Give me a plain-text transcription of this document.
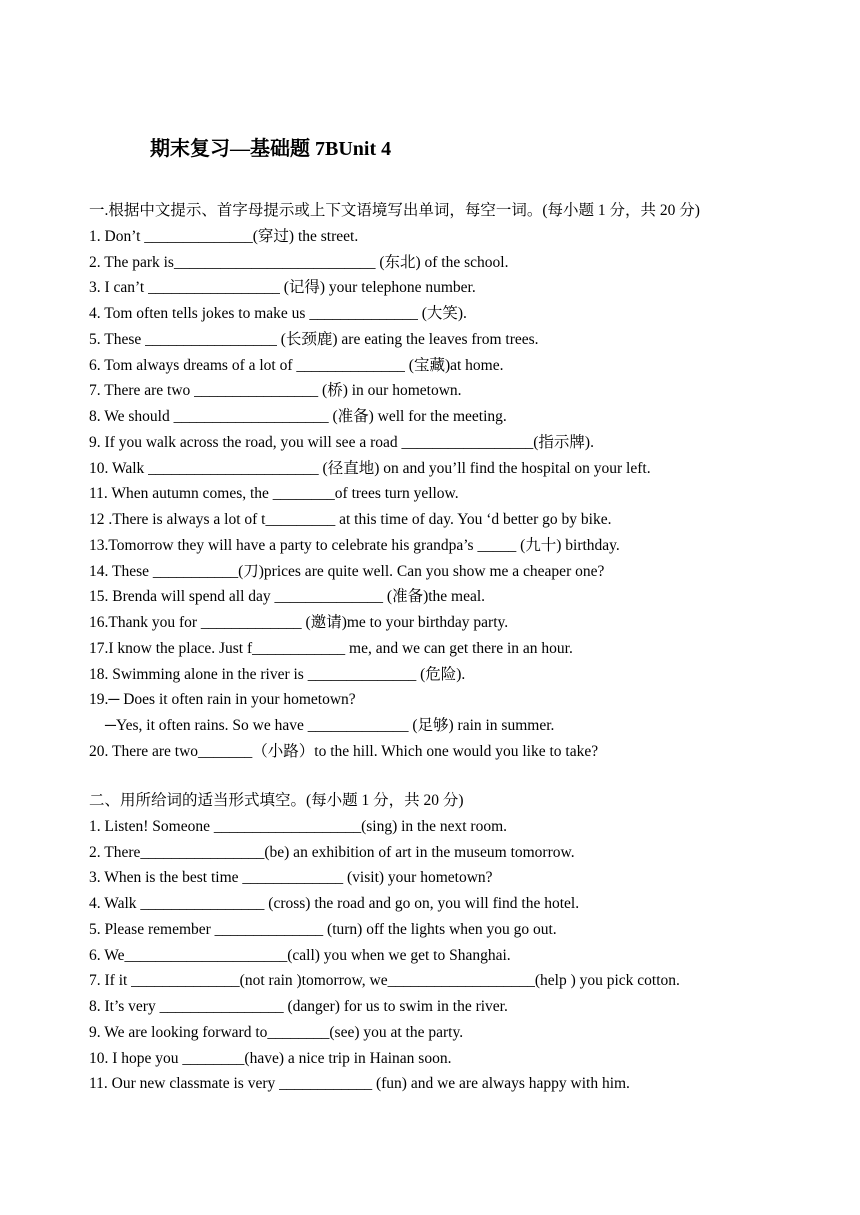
期末复习—基础题 7BUnit 4
一.根据中文提示、首字母提示或上下文语境写出单词，每空一词。(每小题 1 分，共 20 分)
1. Don’t ______________(穿过) the street.
2. The park is__________________________ (东北) of the school.
3. I can’t _________________ (记得) your telephone number.
4. Tom often tells jokes to make us ______________ (大笑).
5. These _________________ (长颈鹿) are eating the leaves from trees.
6. Tom always dreams of a lot of ______________ (宝藏)at home.
7. There are two ________________ (桥) in our hometown.
8. We should ____________________ (准备) well for the meeting.
9. If you walk across the road, you will see a road _________________(指示牌).
10. Walk ______________________ (径直地) on and you’ll find the hospital on your left.
11. When autumn comes, the ________of trees turn yellow.
12 .There is always a lot of t_________ at this time of day. You ‘d better go by bike.
13.Tomorrow they will have a party to celebrate his grandpa’s _____ (九十) birthday.
14. These ___________(刀)prices are quite well. Can you show me a cheaper one?
15. Brenda will spend all day ______________ (准备)the meal.
16.Thank you for _____________ (邀请)me to your birthday party.
17.I know the place. Just f____________ me, and we can get there in an hour.
18. Swimming alone in the river is ______________ (危险).
19.─ Does it often rain in your hometown?
─Yes, it often rains. So we have _____________ (足够) rain in summer.
20. There are two_______（小路）to the hill. Which one would you like to take?
二、用所给词的适当形式填空。(每小题 1 分，共 20 分)
1. Listen! Someone ___________________(sing) in the next room.
2. There________________(be) an exhibition of art in the museum tomorrow.
3. When is the best time _____________ (visit) your hometown?
4. Walk ________________ (cross) the road and go on, you will find the hotel.
5. Please remember ______________ (turn) off the lights when you go out.
6. We_____________________(call) you when we get to Shanghai.
7. If it ______________(not rain )tomorrow, we___________________(help ) you pick cotton.
8. It’s very ________________ (danger) for us to swim in the river.
9. We are looking forward to________(see) you at the party.
10. I hope you ________(have) a nice trip in Hainan soon.
11. Our new classmate is very ____________ (fun) and we are always happy with him.
